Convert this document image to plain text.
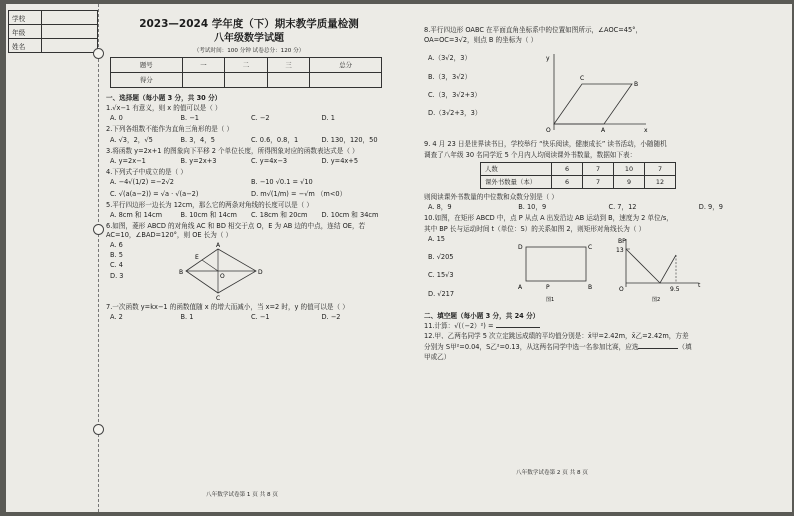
学校	
年级	
姓名	
2023—2024 学年度（下）期末教学质量检测
八年级数学试题
（考试时间：100 分钟 试卷总分：120 分）
题号	一	二	三	总分
得分				
一、选择题（每小题 3 分，共 30 分）
1.√x−1 有意义，则 x 的值可以是（ ）
A. 0	B. −1	C. −2	D. 1
2.下列各组数不能作为直角三角形的是（ ）
A. √3，2，√5	B. 3，4，5	C. 0.6，0.8，1	D. 130，120，50
3.将函数 y=2x+1 的图象向下平移 2 个单位长度，所得图象对应的函数表达式是（ ）
A. y=2x−1	B. y=2x+3	C. y=4x−3	D. y=4x+5
4.下列式子中成立的是（ ）
A. −4√(1/2) =−2√2	B. −10 √0.1 = √10
C. √(a(a−2)) = √a · √(a−2)	D. m√(1/m) = −√m （m<0）
5.平行四边形一边长为 12cm，那么它的两条对角线的长度可以是（ ）
A. 8cm 和 14cm	B. 10cm 和 14cm	C. 18cm 和 20cm	D. 10cm 和 34cm
6.如图，菱形 ABCD 的对角线 AC 和 BD 相交于点 O，E 为 AB 边的中点，连结 OE，若 AC=10，∠BAD=120°，则 OE 长为（ ）
A. 6
B. 5
C. 4
D. 3	B
A
D
C
E
O
7.一次函数 y=kx−1 的函数值随 x 的增大而减小，当 x=2 时，y 的值可以是（ ）
A. 2	B. 1	C. −1	D. −2
八年数学试卷第 1 页 共 8 页
8.平行四边形 OABC 在平面直角坐标系中的位置如图所示，∠AOC=45°，
OA=OC=3√2，则点 B 的坐标为（ ）
A.（3√2，3）
B.（3，3√2）
C.（3，3√2+3）
D.（3√2+3，3）
y
x
O	A
B
C
9. 4 月 23 日是世界读书日，学校举行 “快乐阅读，健康成长” 读书活动，小随随机
调查了八年级 30 名同学近 5 个月内人均阅读课外书数量，数据如下表：
人数	6	7	10	7
课外书数量（本）	6	7	9	12
则阅读课外书数量的中位数和众数分别是（ ）
A. 8，9	B. 10，9	C. 7，12	D. 9，9
10.如图，在矩形 ABCD 中，点 P 从点 A 出发沿边 AB 运动到 B，速度为 2 单位/s，
其中 BP 长与运动时间 t（单位：S）的关系如图 2，则矩形对角线长为（ ）
A. 15
B. √205
C. 15√3
D. √217
D	C
A	B
P
图1
BP
13
O	9.5
t
图2
二、填空题（每小题 3 分，共 24 分）
11.计算：√(（−2）²) =
12.甲、乙两名同学 5 次立定跳远成绩的平均值分别是：x̄甲=2.42m，x̄乙=2.42m，方差
分别为 S甲²=0.04，S乙²=0.13，从这两名同学中选一名参加比赛，应选	（填
甲或乙）
八年数学试卷第 2 页 共 8 页
